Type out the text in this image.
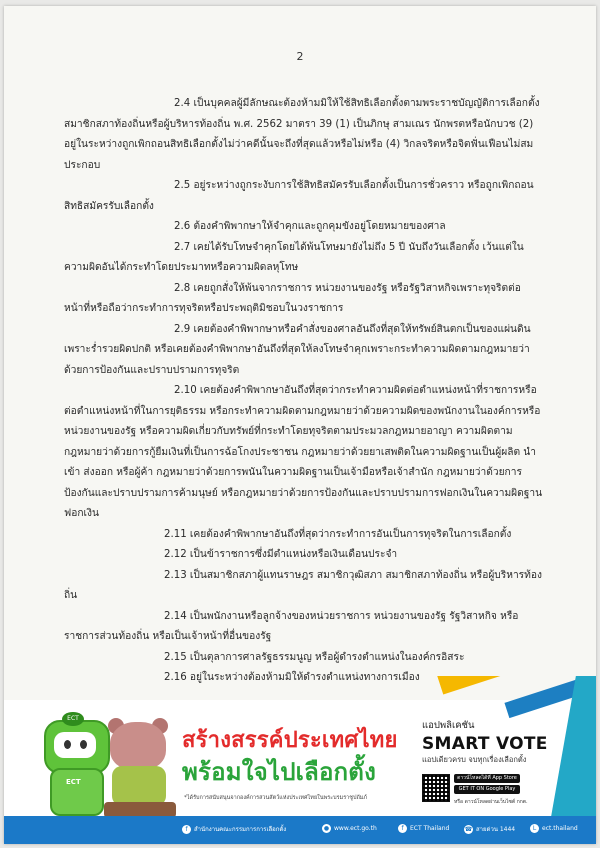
2

2.4 เป็นบุคคลผู้มีลักษณะต้องห้ามมิให้ใช้สิทธิเลือกตั้งตามพระราชบัญญัติการเลือกตั้งสมาชิกสภาท้องถิ่นหรือผู้บริหารท้องถิ่น พ.ศ. 2562 มาตรา 39 (1) เป็นภิกษุ สามเณร นักพรตหรือนักบวช (2) อยู่ในระหว่างถูกเพิกถอนสิทธิเลือกตั้งไม่ว่าคดีนั้นจะถึงที่สุดแล้วหรือไม่หรือ (4) วิกลจริตหรือจิตฟั่นเฟือนไม่สมประกอบ

2.5 อยู่ระหว่างถูกระงับการใช้สิทธิสมัครรับเลือกตั้งเป็นการชั่วคราว หรือถูกเพิกถอนสิทธิสมัครรับเลือกตั้ง

2.6 ต้องคำพิพากษาให้จำคุกและถูกคุมขังอยู่โดยหมายของศาล

2.7 เคยได้รับโทษจำคุกโดยได้พ้นโทษมายังไม่ถึง 5 ปี นับถึงวันเลือกตั้ง เว้นแต่ในความผิดอันได้กระทำโดยประมาทหรือความผิดลหุโทษ

2.8 เคยถูกสั่งให้พ้นจากราชการ หน่วยงานของรัฐ หรือรัฐวิสาหกิจเพราะทุจริตต่อหน้าที่หรือถือว่ากระทำการทุจริตหรือประพฤติมิชอบในวงราชการ

2.9 เคยต้องคำพิพากษาหรือคำสั่งของศาลอันถึงที่สุดให้ทรัพย์สินตกเป็นของแผ่นดินเพราะร่ำรวยผิดปกติ หรือเคยต้องคำพิพากษาอันถึงที่สุดให้ลงโทษจำคุกเพราะกระทำความผิดตามกฎหมายว่าด้วยการป้องกันและปราบปรามการทุจริต

2.10 เคยต้องคำพิพากษาอันถึงที่สุดว่ากระทำความผิดต่อตำแหน่งหน้าที่ราชการหรือต่อตำแหน่งหน้าที่ในการยุติธรรม หรือกระทำความผิดตามกฎหมายว่าด้วยความผิดของพนักงานในองค์การหรือหน่วยงานของรัฐ หรือความผิดเกี่ยวกับทรัพย์ที่กระทำโดยทุจริตตามประมวลกฎหมายอาญา ความผิดตามกฎหมายว่าด้วยการกู้ยืมเงินที่เป็นการฉ้อโกงประชาชน กฎหมายว่าด้วยยาเสพติดในความผิดฐานเป็นผู้ผลิต นำเข้า ส่งออก หรือผู้ค้า กฎหมายว่าด้วยการพนันในความผิดฐานเป็นเจ้ามือหรือเจ้าสำนัก กฎหมายว่าด้วยการป้องกันและปราบปรามการค้ามนุษย์ หรือกฎหมายว่าด้วยการป้องกันและปราบปรามการฟอกเงินในความผิดฐานฟอกเงิน

2.11 เคยต้องคำพิพากษาอันถึงที่สุดว่ากระทำการอันเป็นการทุจริตในการเลือกตั้ง

2.12 เป็นข้าราชการซึ่งมีตำแหน่งหรือเงินเดือนประจำ

2.13 เป็นสมาชิกสภาผู้แทนราษฎร สมาชิกวุฒิสภา สมาชิกสภาท้องถิ่น หรือผู้บริหารท้องถิ่น

2.14 เป็นพนักงานหรือลูกจ้างของหน่วยราชการ หน่วยงานของรัฐ รัฐวิสาหกิจ หรือราชการส่วนท้องถิ่น หรือเป็นเจ้าหน้าที่อื่นของรัฐ

2.15 เป็นตุลาการศาลรัฐธรรมนูญ หรือผู้ดำรงตำแหน่งในองค์กรอิสระ

2.16 อยู่ในระหว่างต้องห้ามมิให้ดำรงตำแหน่งทางการเมือง

ECT
ECT
สร้างสรรค์ประเทศไทย
พร้อมใจไปเลือกตั้ง
*ได้รับการสนับสนุนจากองค์การสวนสัตว์แห่งประเทศไทยในพระบรมราชูปถัมภ์
แอปพลิเคชัน
SMART VOTE
แอปเดียวครบ จบทุกเรื่องเลือกตั้ง
ดาวน์โหลดได้ที่ App Store
GET IT ON Google Play
หรือ ดาวน์โหลดผ่านเว็บไซต์ กกต.
f สำนักงานคณะกรรมการการเลือกตั้ง	● www.ect.go.th	f ECT Thailand	☎ สายด่วน 1444	L ect.thailand
